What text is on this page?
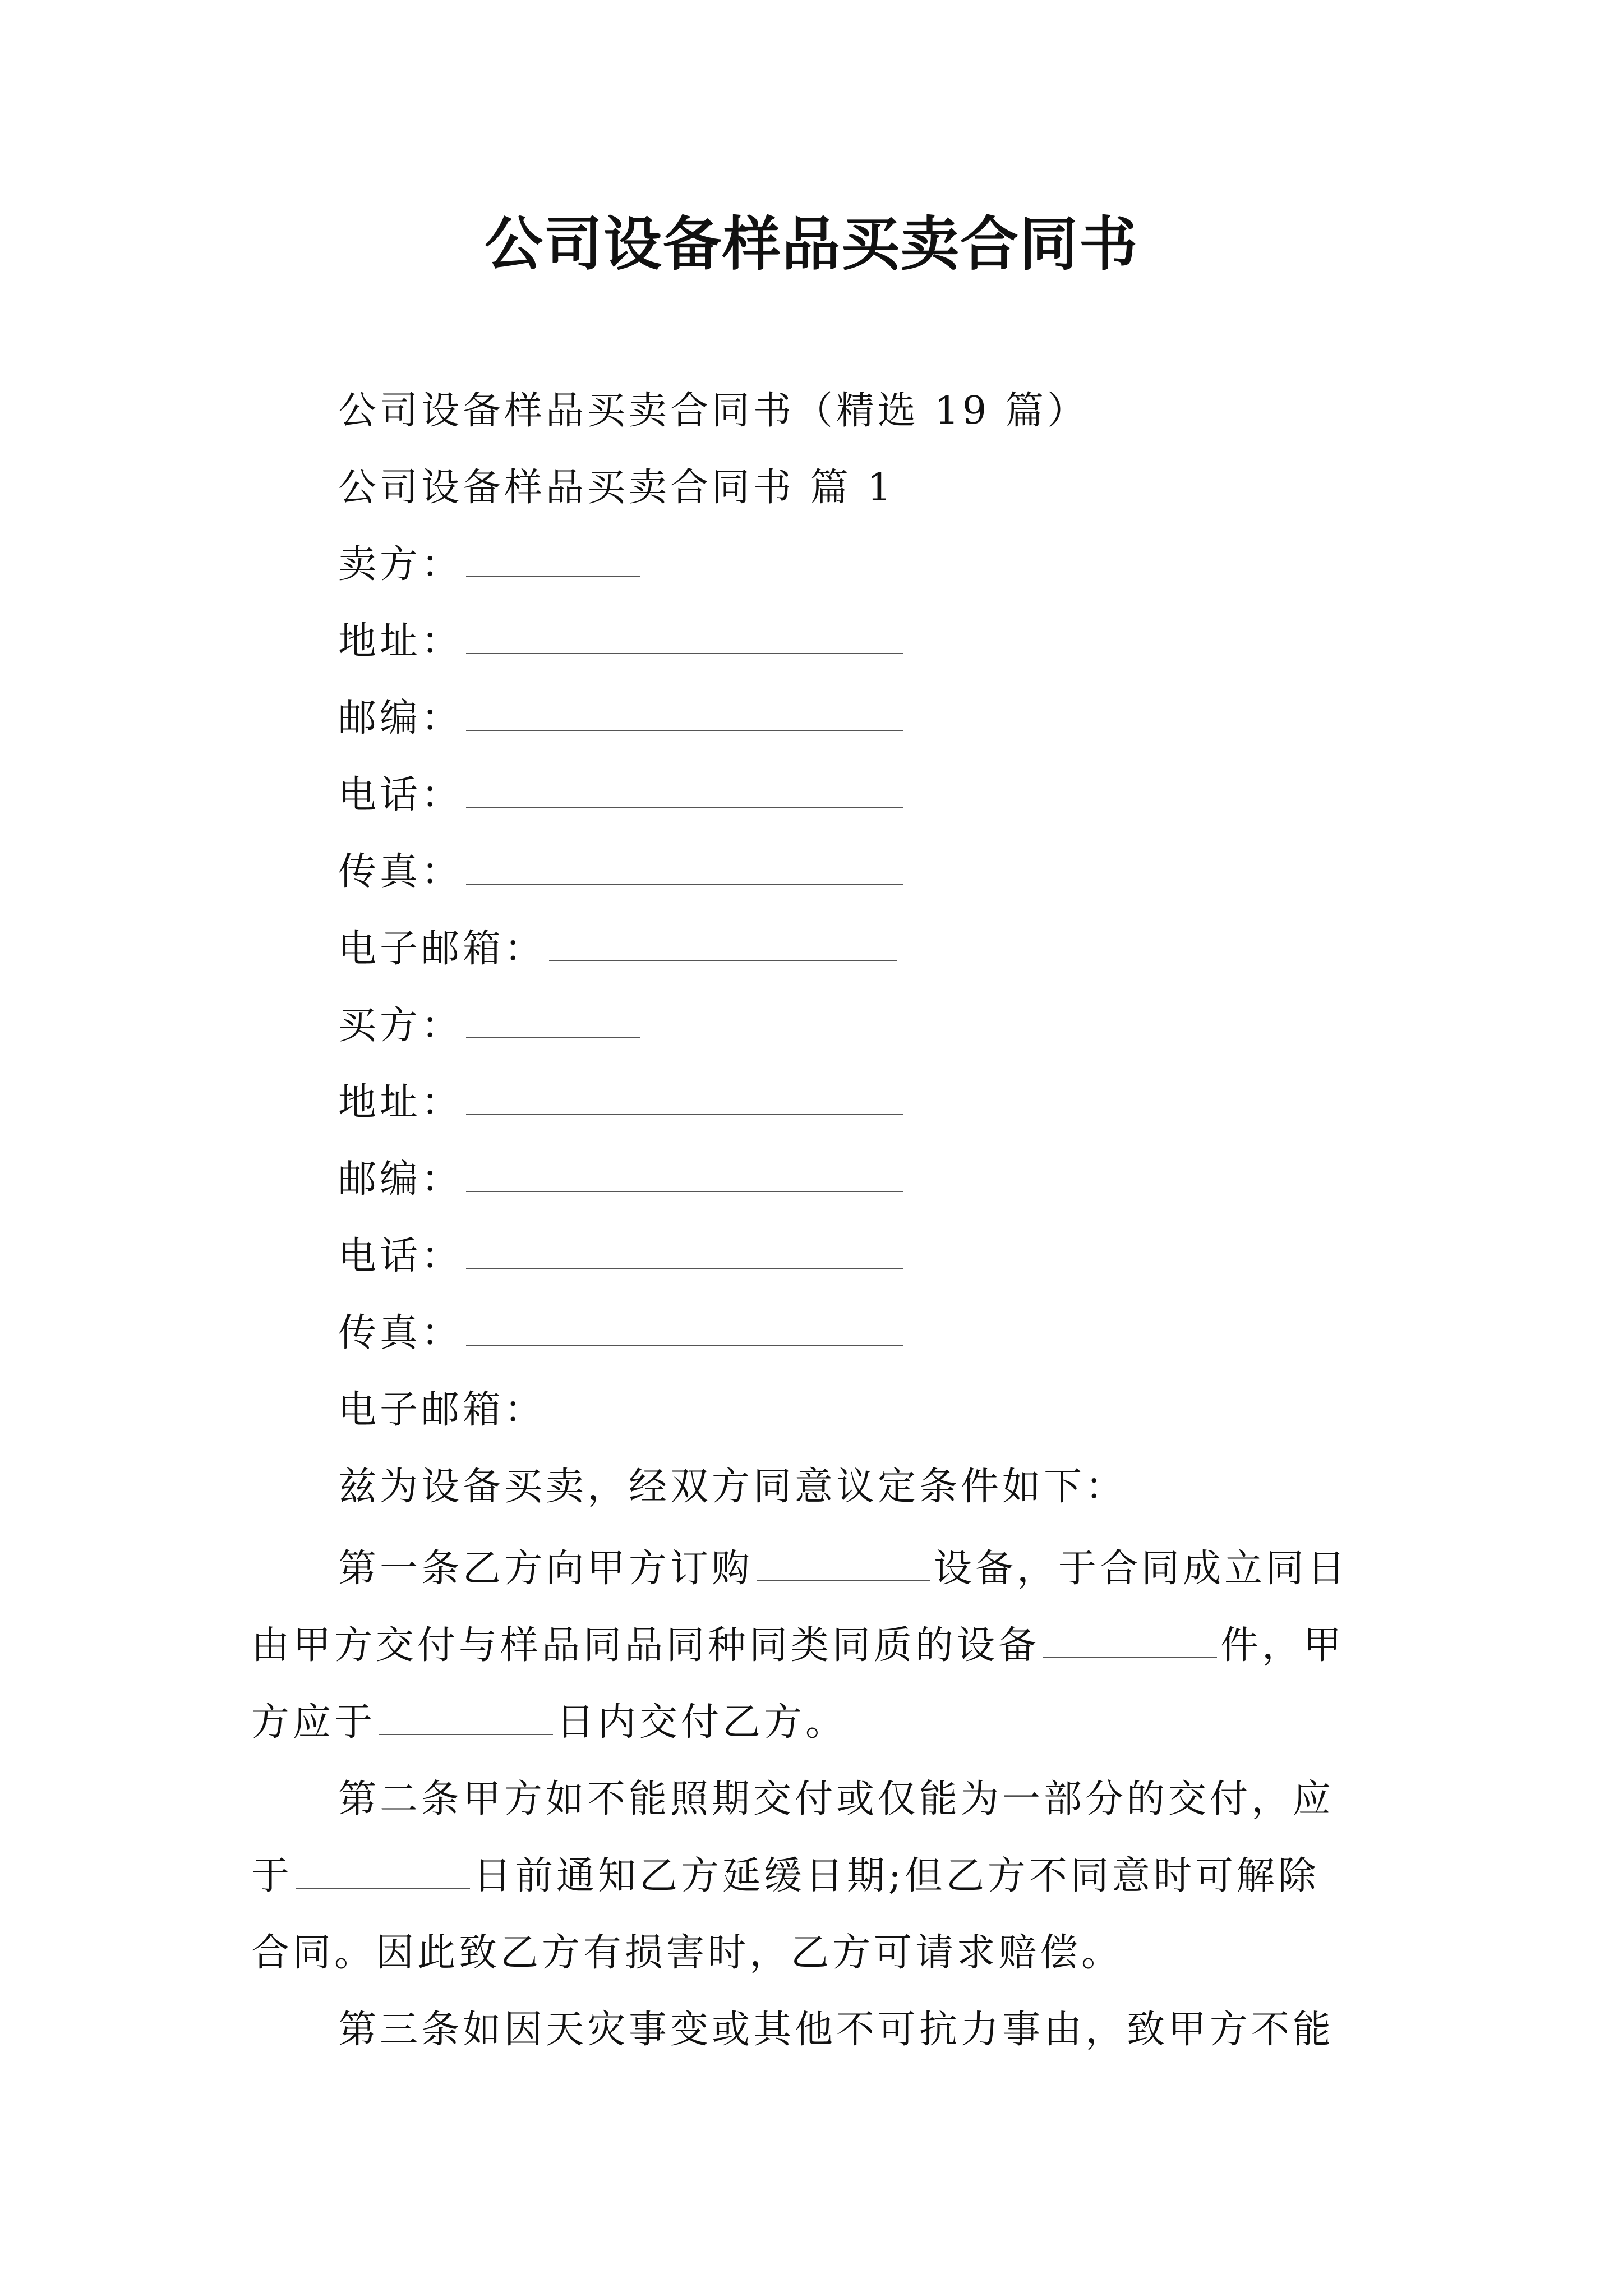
公司设备样品买卖合同书
公司设备样品买卖合同书（精选 19 篇）
公司设备样品买卖合同书 篇 1
卖方：
地址：
邮编：
电话：
传真：
电子邮箱：
买方：
地址：
邮编：
电话：
传真：
电子邮箱：
兹为设备买卖，经双方同意议定条件如下：
第一条乙方向甲方订购	设备，于合同成立同日
由甲方交付与样品同品同种同类同质的设备	件，甲
方应于	日内交付乙方。
第二条甲方如不能照期交付或仅能为一部分的交付，应
于	日前通知乙方延缓日期;但乙方不同意时可解除
合同。因此致乙方有损害时，乙方可请求赔偿。
第三条如因天灾事变或其他不可抗力事由，致甲方不能
